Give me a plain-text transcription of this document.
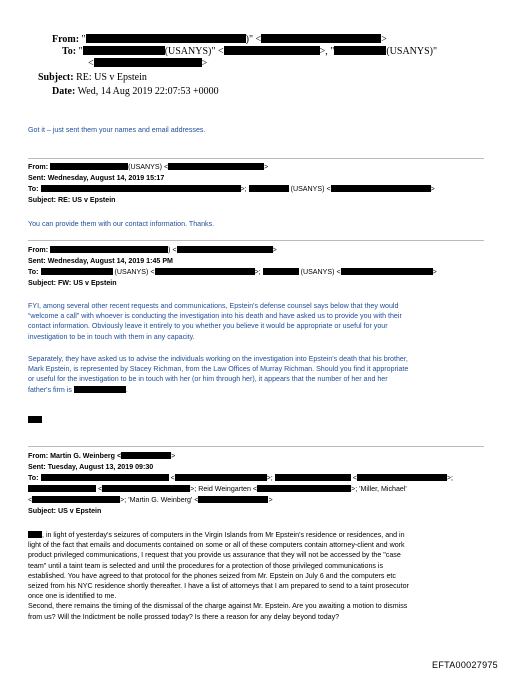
From: "	)" <	>
To: "	(USANYS)" <	>, "	(USANYS)"
<	>
Subject: RE: US v Epstein
Date: Wed, 14 Aug 2019 22:07:53 +0000
Got it – just sent them your names and email addresses.
From:	(USANYS) <	>
Sent: Wednesday, August 14, 2019 15:17
To:	>;	(USANYS) <	>
Subject: RE: US v Epstein
You can provide them with our contact information. Thanks.
From:	) <	>
Sent: Wednesday, August 14, 2019 1:45 PM
To:	(USANYS) <	>;	(USANYS) <	>
Subject: FW: US v Epstein
FYI, among several other recent requests and communications, Epstein's defense counsel says below that they would
“welcome a call” with whoever is conducting the investigation into his death and have asked us to provide you with their
contact information. Obviously leave it entirely to you whether you believe it would be appropriate or useful for your
investigation to be in touch with them in any capacity.
Separately, they have asked us to advise the individuals working on the investigation into Epstein's death that his brother,
Mark Epstein, is represented by Stacey Richman, from the Law Offices of Murray Richman. Should you find it appropriate
or useful for the investigation to be in touch with her (or him through her), it appears that the number of her and her
father's firm is	.
From: Martin G. Weinberg <	>
Sent: Tuesday, August 13, 2019 09:30
To:	<	>;	<	>;
<	>; Reid Weingarten <	>; 'Miller, Michael'
<	>; 'Martin G. Weinberg' <	>
Subject: US v Epstein
, in light of yesterday's seizures of computers in the Virgin Islands from Mr Epstein's residence or residences, and in
light of the fact that emails and documents contained on some or all of these computers contain attorney-client and work
product privileged communications, I request that you provide us assurance that they will not be accessed by the "case
team" until a taint team is selected and until the procedures for a protection of those privileged communications is
established. You have agreed to that protocol for the phones seized from Mr. Epstein on July 6 and the computers etc
seized from his NYC residence shortly thereafter. I have a list of attorneys that I am prepared to send to a taint prosecutor
once one is identified to me.
Second, there remains the timing of the dismissal of the charge against Mr. Epstein. Are you awaiting a motion to dismiss
from us? Will the Indictment be nolle prossed today? Is there a reason for any delay beyond today?
EFTA00027975
